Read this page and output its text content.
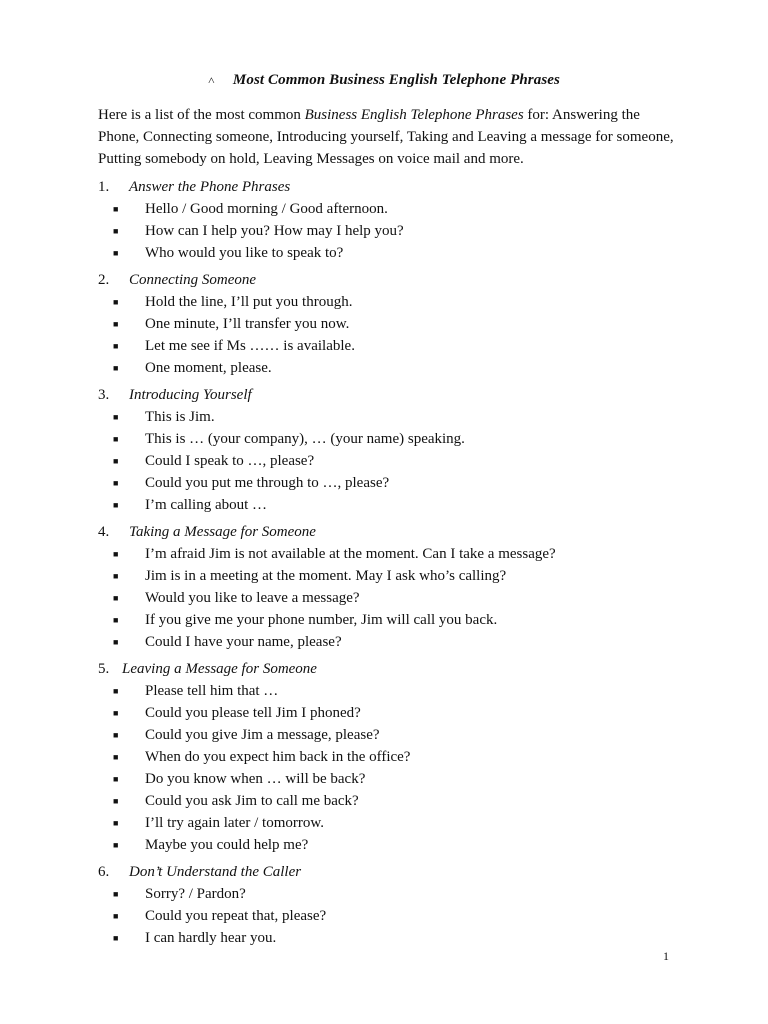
˄ Most Common Business English Telephone Phrases
Here is a list of the most common Business English Telephone Phrases for: Answering the Phone, Connecting someone, Introducing yourself, Taking and Leaving a message for someone, Putting somebody on hold, Leaving Messages on voice mail and more.
1.	Answer the Phone Phrases
■	Hello / Good morning / Good afternoon.
■	How can I help you? How may I help you?
■	Who would you like to speak to?
2.	Connecting Someone
■	Hold the line, I’ll put you through.
■	One minute, I’ll transfer you now.
■	Let me see if Ms …… is available.
■	One moment, please.
3.	Introducing Yourself
■	This is Jim.
■	This is … (your company), … (your name) speaking.
■	Could I speak to …, please?
■	Could you put me through to …, please?
■	I’m calling about …
4.	Taking a Message for Someone
■	I’m afraid Jim is not available at the moment. Can I take a message?
■	Jim is in a meeting at the moment. May I ask who’s calling?
■	Would you like to leave a message?
■	If you give me your phone number, Jim will call you back.
■	Could I have your name, please?
5. Leaving a Message for Someone
■	Please tell him that …
■	Could you please tell Jim I phoned?
■	Could you give Jim a message, please?
■	When do you expect him back in the office?
■	Do you know when … will be back?
■	Could you ask Jim to call me back?
■	I’ll try again later / tomorrow.
■	Maybe you could help me?
6.	Don’t Understand the Caller
■	Sorry? / Pardon?
■	Could you repeat that, please?
■	I can hardly hear you.
1
